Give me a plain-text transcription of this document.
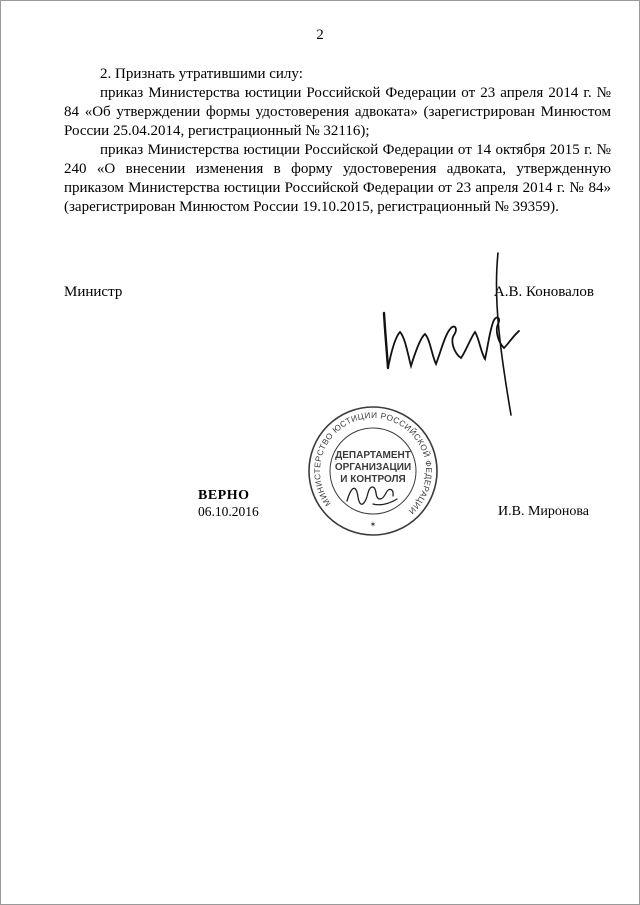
2

2. Признать утратившими силу:

приказ Министерства юстиции Российской Федерации от 23 апреля 2014 г. № 84 «Об утверждении формы удостоверения адвоката» (зарегистрирован Минюстом России 25.04.2014, регистрационный № 32116);

приказ Министерства юстиции Российской Федерации от 14 октября 2015 г. № 240 «О внесении изменения в форму удостоверения адвоката, утвержденную приказом Министерства юстиции Российской Федерации от 23 апреля 2014 г. № 84» (зарегистрирован Минюстом России 19.10.2015, регистрационный № 39359).

Министр	А.В. Коновалов
МИНИСТЕРСТВО ЮСТИЦИИ РОССИЙСКОЙ ФЕДЕРАЦИИ
✶
ДЕПАРТАМЕНТ
ОРГАНИЗАЦИИ
И КОНТРОЛЯ
ВЕРНО
06.10.2016	И.В. Миронова
